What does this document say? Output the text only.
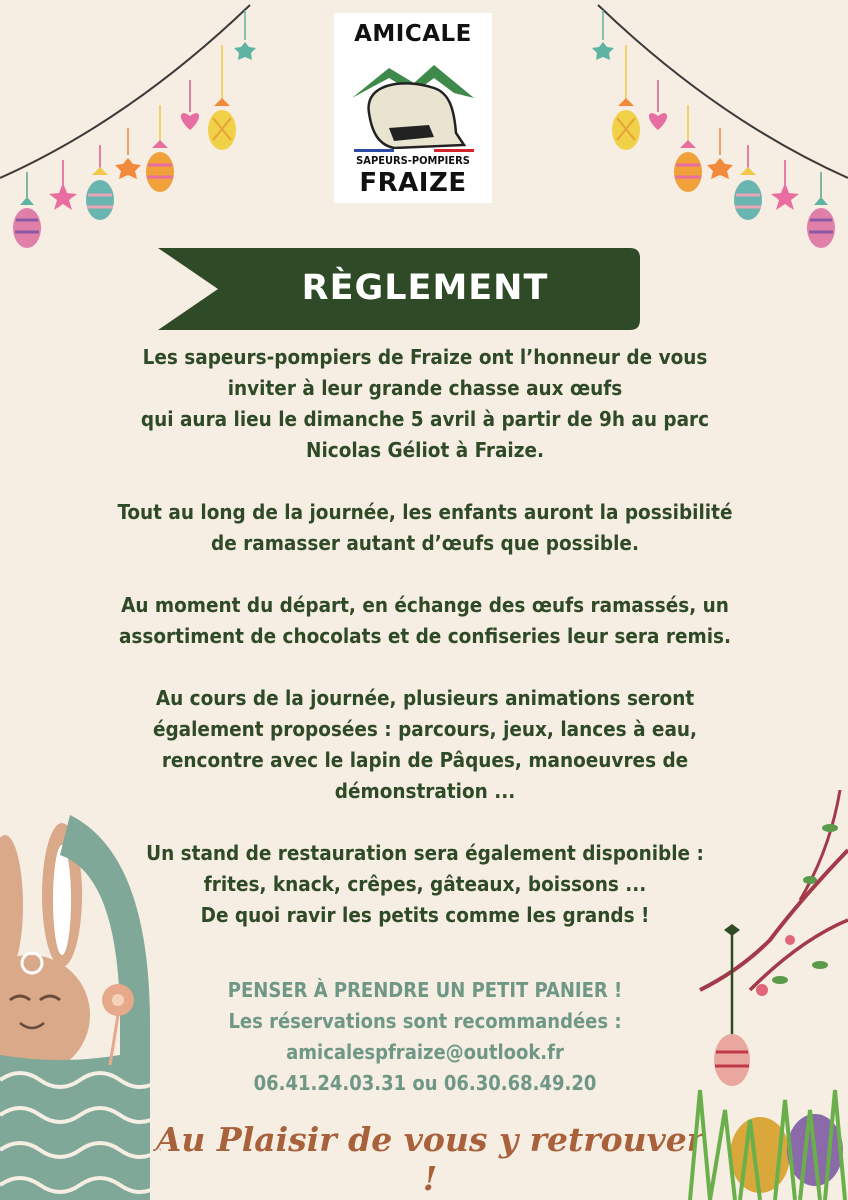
AMICALE
SAPEURS-POMPIERS
FRAIZE
RÈGLEMENT
Les sapeurs-pompiers de Fraize ont l’honneur de vous
inviter à leur grande chasse aux œufs
qui aura lieu le dimanche 5 avril à partir de 9h au parc
Nicolas Géliot à Fraize.
Tout au long de la journée, les enfants auront la possibilité
de ramasser autant d’œufs que possible.
Au moment du départ, en échange des œufs ramassés, un
assortiment de chocolats et de confiseries leur sera remis.
Au cours de la journée, plusieurs animations seront
également proposées : parcours, jeux, lances à eau,
rencontre avec le lapin de Pâques, manoeuvres de
démonstration ...
Un stand de restauration sera également disponible :
frites, knack, crêpes, gâteaux, boissons ...
De quoi ravir les petits comme les grands !
PENSER À PRENDRE UN PETIT PANIER !
Les réservations sont recommandées :
amicalespfraize@outlook.fr
06.41.24.03.31 ou 06.30.68.49.20
Au Plaisir de vous y retrouver !
